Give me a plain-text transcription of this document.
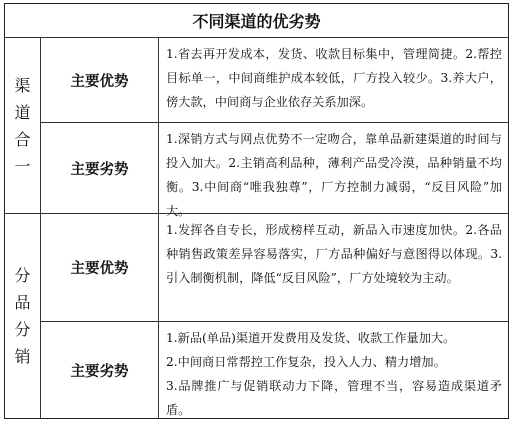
不同渠道的优劣势
渠道合一
主要优势
1.省去再开发成本，发货、收款目标集中，管理简捷。2.帮控目标单一，中间商维护成本较低，厂方投入较少。3.养大户，傍大款，中间商与企业依存关系加深。
主要劣势
1.深销方式与网点优势不一定吻合，靠单品新建渠道的时间与投入加大。2.主销高利品种，薄利产品受冷漠，品种销量不均衡。3.中间商“唯我独尊”，厂方控制力减弱，“反目风险”加大。
分品分销
主要优势
1.发挥各自专长，形成榜样互动，新品入市速度加快。2.各品种销售政策差异容易落实，厂方品种偏好与意图得以体现。3.引入制衡机制，降低“反目风险”，厂方处境较为主动。
主要劣势
1.新品(单品)渠道开发费用及发货、收款工作量加大。
2.中间商日常帮控工作复杂，投入人力、精力增加。
3.品牌推广与促销联动力下降，管理不当，容易造成渠道矛盾。
